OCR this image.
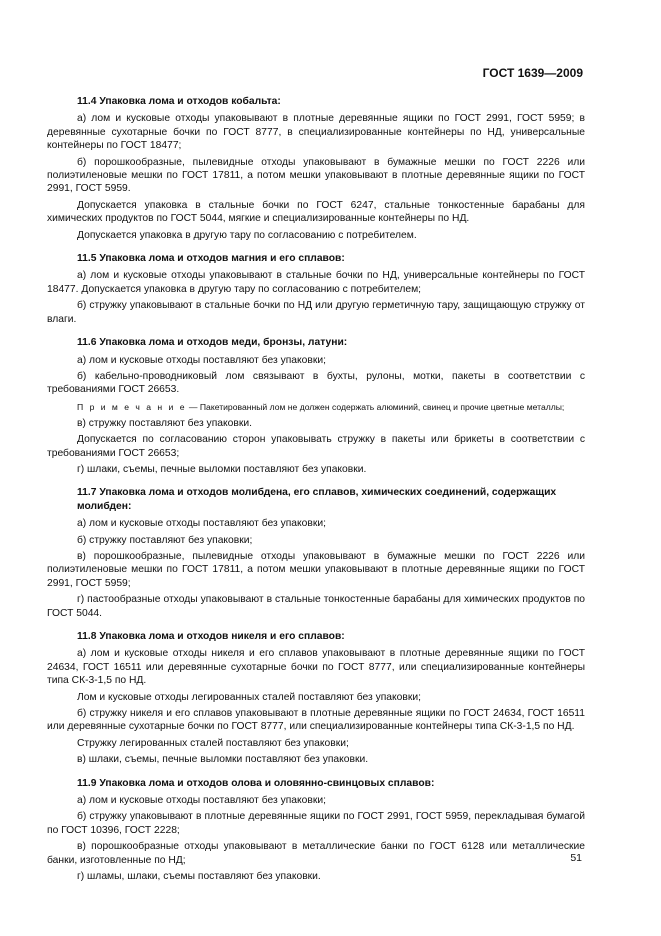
ГОСТ 1639—2009
11.4 Упаковка лома и отходов кобальта:

а) лом и кусковые отходы упаковывают в плотные деревянные ящики по ГОСТ 2991, ГОСТ 5959; в деревянные сухотарные бочки по ГОСТ 8777, в специализированные контейнеры по НД, универсальные контейнеры по ГОСТ 18477;

б) порошкообразные, пылевидные отходы упаковывают в бумажные мешки по ГОСТ 2226 или полиэтиленовые мешки по ГОСТ 17811, а потом мешки упаковывают в плотные деревянные ящики по ГОСТ 2991, ГОСТ 5959.

Допускается упаковка в стальные бочки по ГОСТ 6247, стальные тонкостенные барабаны для химических продуктов по ГОСТ 5044, мягкие и специализированные контейнеры по НД.

Допускается упаковка в другую тару по согласованию с потребителем.

11.5 Упаковка лома и отходов магния и его сплавов:

а) лом и кусковые отходы упаковывают в стальные бочки по НД, универсальные контейнеры по ГОСТ 18477. Допускается упаковка в другую тару по согласованию с потребителем;

б) стружку упаковывают в стальные бочки по НД или другую герметичную тару, защищающую стружку от влаги.

11.6 Упаковка лома и отходов меди, бронзы, латуни:

а) лом и кусковые отходы поставляют без упаковки;

б) кабельно-проводниковый лом связывают в бухты, рулоны, мотки, пакеты в соответствии с требованиями ГОСТ 26653.

П р и м е ч а н и е — Пакетированный лом не должен содержать алюминий, свинец и прочие цветные металлы;

в) стружку поставляют без упаковки.

Допускается по согласованию сторон упаковывать стружку в пакеты или брикеты в соответствии с требованиями ГОСТ 26653;

г) шлаки, съемы, печные выломки поставляют без упаковки.

11.7 Упаковка лома и отходов молибдена, его сплавов, химических соединений, содержащих молибден:

а) лом и кусковые отходы поставляют без упаковки;

б) стружку поставляют без упаковки;

в) порошкообразные, пылевидные отходы упаковывают в бумажные мешки по ГОСТ 2226 или полиэтиленовые мешки по ГОСТ 17811, а потом мешки упаковывают в плотные деревянные ящики по ГОСТ 2991, ГОСТ 5959;

г) пастообразные отходы упаковывают в стальные тонкостенные барабаны для химических продуктов по ГОСТ 5044.

11.8 Упаковка лома и отходов никеля и его сплавов:

а) лом и кусковые отходы никеля и его сплавов упаковывают в плотные деревянные ящики по ГОСТ 24634, ГОСТ 16511 или деревянные сухотарные бочки по ГОСТ 8777, или специализированные контейнеры типа СК-3-1,5 по НД.

Лом и кусковые отходы легированных сталей поставляют без упаковки;

б) стружку никеля и его сплавов упаковывают в плотные деревянные ящики по ГОСТ 24634, ГОСТ 16511 или деревянные сухотарные бочки по ГОСТ 8777, или специализированные контейнеры типа СК-3-1,5 по НД.

Стружку легированных сталей поставляют без упаковки;

в) шлаки, съемы, печные выломки поставляют без упаковки.

11.9 Упаковка лома и отходов олова и оловянно-свинцовых сплавов:

а) лом и кусковые отходы поставляют без упаковки;

б) стружку упаковывают в плотные деревянные ящики по ГОСТ 2991, ГОСТ 5959, перекладывая бумагой по ГОСТ 10396, ГОСТ 2228;

в) порошкообразные отходы упаковывают в металлические банки по ГОСТ 6128 или металлические банки, изготовленные по НД;

г) шламы, шлаки, съемы поставляют без упаковки.

51
